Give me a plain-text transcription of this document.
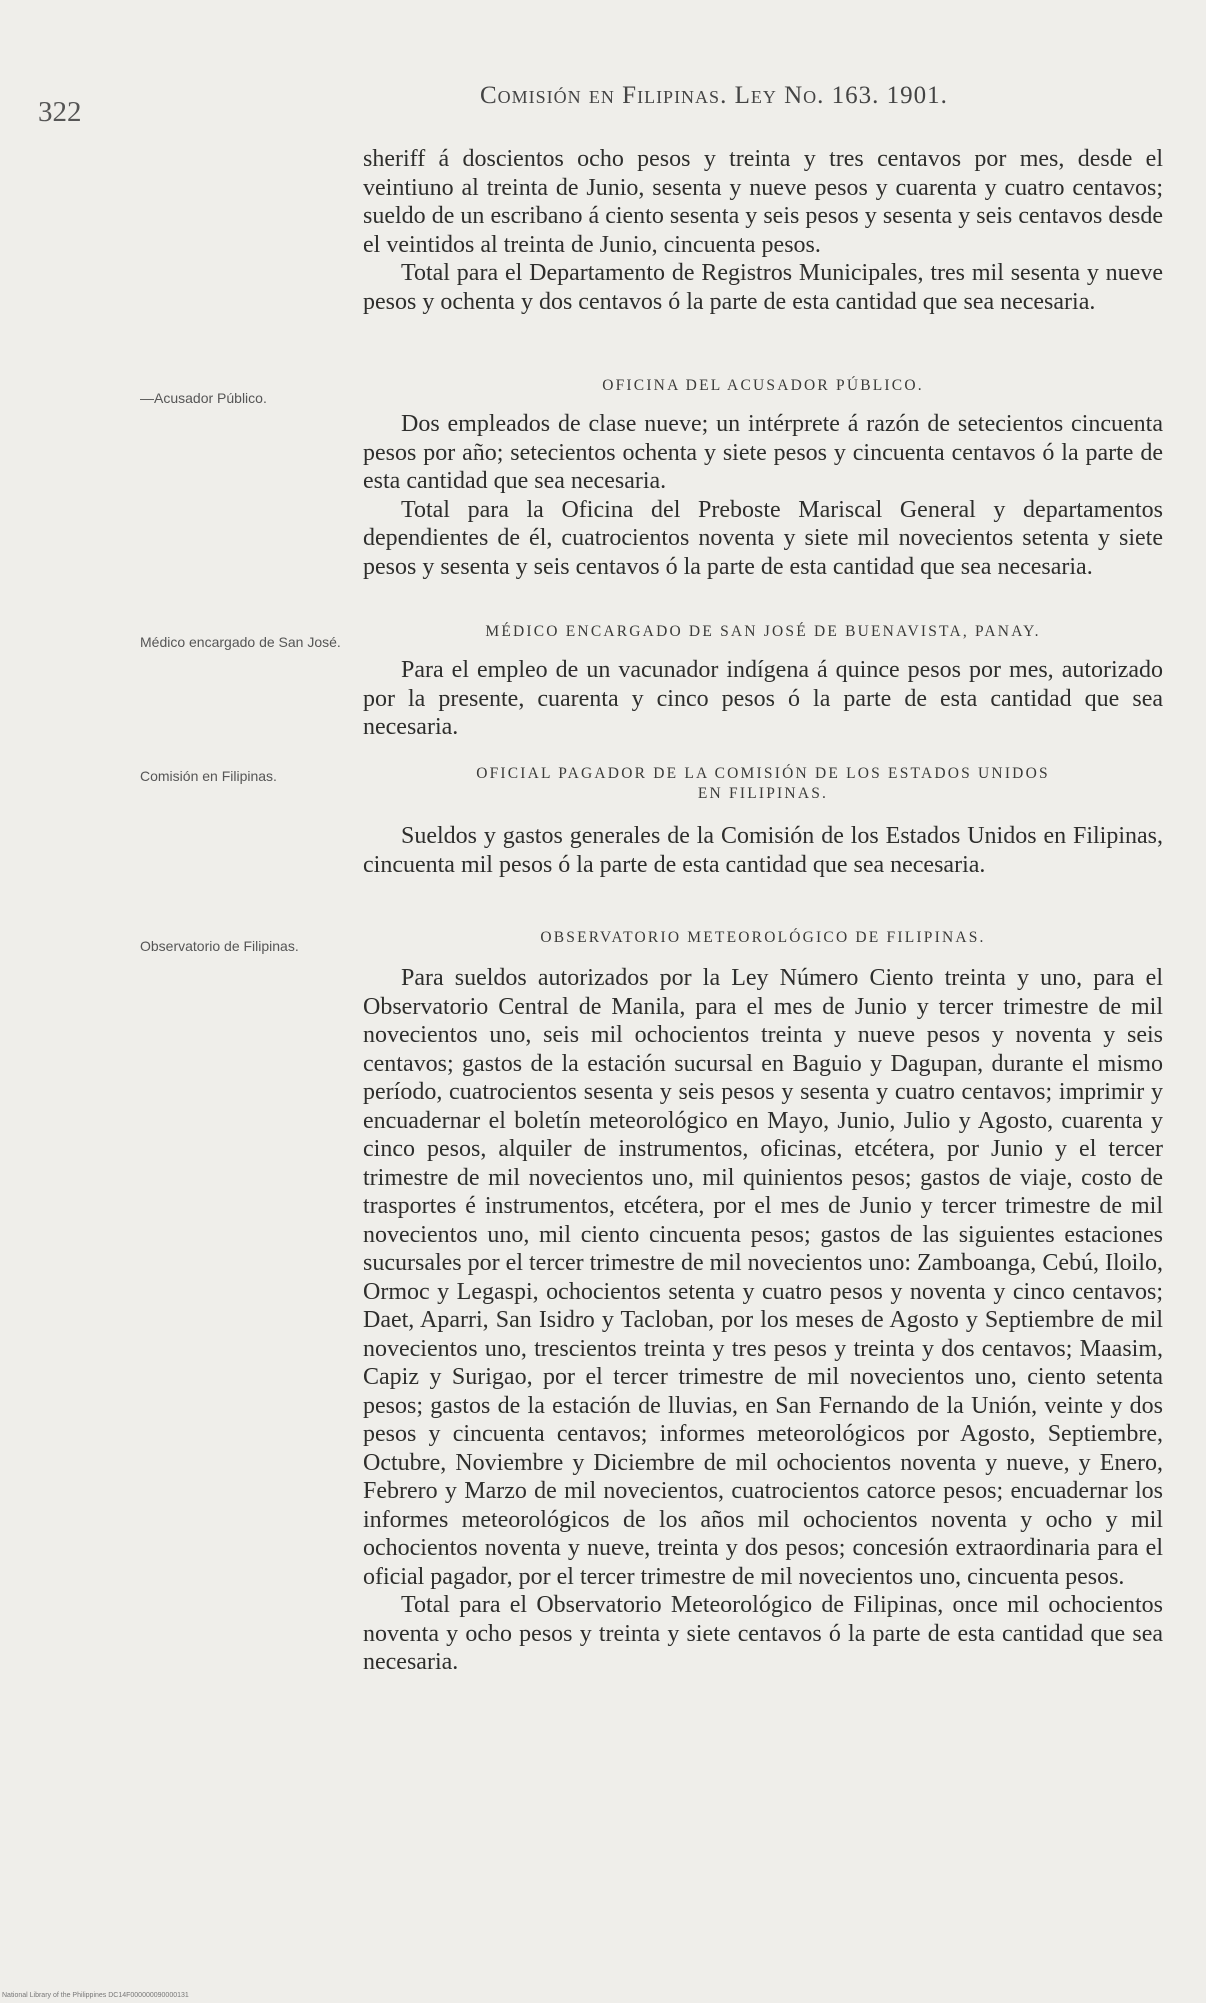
322
Comisión en Filipinas. Ley No. 163. 1901.

sheriff á doscientos ocho pesos y treinta y tres centavos por mes, desde el veintiuno al treinta de Junio, sesenta y nueve pesos y cuarenta y cuatro centavos; sueldo de un escribano á ciento sesenta y seis pesos y sesenta y seis centavos desde el veintidos al treinta de Junio, cincuenta pesos.

Total para el Departamento de Registros Municipales, tres mil sesenta y nueve pesos y ochenta y dos centavos ó la parte de esta cantidad que sea necesaria.

—Acusador Público.

OFICINA DEL ACUSADOR PÚBLICO.

Dos empleados de clase nueve; un intérprete á razón de setecientos cincuenta pesos por año; setecientos ochenta y siete pesos y cincuenta centavos ó la parte de esta cantidad que sea necesaria.

Total para la Oficina del Preboste Mariscal General y departamentos dependientes de él, cuatrocientos noventa y siete mil novecientos setenta y siete pesos y sesenta y seis centavos ó la parte de esta cantidad que sea necesaria.

Médico encargado de San José.

MÉDICO ENCARGADO DE SAN JOSÉ DE BUENAVISTA, PANAY.

Para el empleo de un vacunador indígena á quince pesos por mes, autorizado por la presente, cuarenta y cinco pesos ó la parte de esta cantidad que sea necesaria.

Comisión en Filipinas.	OFICIAL PAGADOR DE LA COMISIÓN DE LOS ESTADOS UNIDOS

EN FILIPINAS.

Sueldos y gastos generales de la Comisión de los Estados Unidos en Filipinas, cincuenta mil pesos ó la parte de esta cantidad que sea necesaria.

Observatorio de Filipinas.	OBSERVATORIO METEOROLÓGICO DE FILIPINAS.

Para sueldos autorizados por la Ley Número Ciento treinta y uno, para el Observatorio Central de Manila, para el mes de Junio y tercer trimestre de mil novecientos uno, seis mil ochocientos treinta y nueve pesos y noventa y seis centavos; gastos de la estación sucursal en Baguio y Dagupan, durante el mismo período, cuatrocientos sesenta y seis pesos y sesenta y cuatro centavos; imprimir y encuadernar el boletín meteorológico en Mayo, Junio, Julio y Agosto, cuarenta y cinco pesos, alquiler de instrumentos, oficinas, etcétera, por Junio y el tercer trimestre de mil novecientos uno, mil quinientos pesos; gastos de viaje, costo de trasportes é instrumentos, etcétera, por el mes de Junio y tercer trimestre de mil novecientos uno, mil ciento cincuenta pesos; gastos de las siguientes estaciones sucursales por el tercer trimestre de mil novecientos uno: Zamboanga, Cebú, Iloilo, Ormoc y Legaspi, ochocientos setenta y cuatro pesos y noventa y cinco centavos; Daet, Aparri, San Isidro y Tacloban, por los meses de Agosto y Septiembre de mil novecientos uno, trescientos treinta y tres pesos y treinta y dos centavos; Maasim, Capiz y Surigao, por el tercer trimestre de mil novecientos uno, ciento setenta pesos; gastos de la estación de lluvias, en San Fernando de la Unión, veinte y dos pesos y cincuenta centavos; informes meteorológicos por Agosto, Septiembre, Octubre, Noviembre y Diciembre de mil ochocientos noventa y nueve, y Enero, Febrero y Marzo de mil novecientos, cuatrocientos catorce pesos; encuadernar los informes meteorológicos de los años mil ochocientos noventa y ocho y mil ochocientos noventa y nueve, treinta y dos pesos; concesión extraordinaria para el oficial pagador, por el tercer trimestre de mil novecientos uno, cincuenta pesos.

Total para el Observatorio Meteorológico de Filipinas, once mil ochocientos noventa y ocho pesos y treinta y siete centavos ó la parte de esta cantidad que sea necesaria.

National Library of the Philippines DC14F000000090000131
